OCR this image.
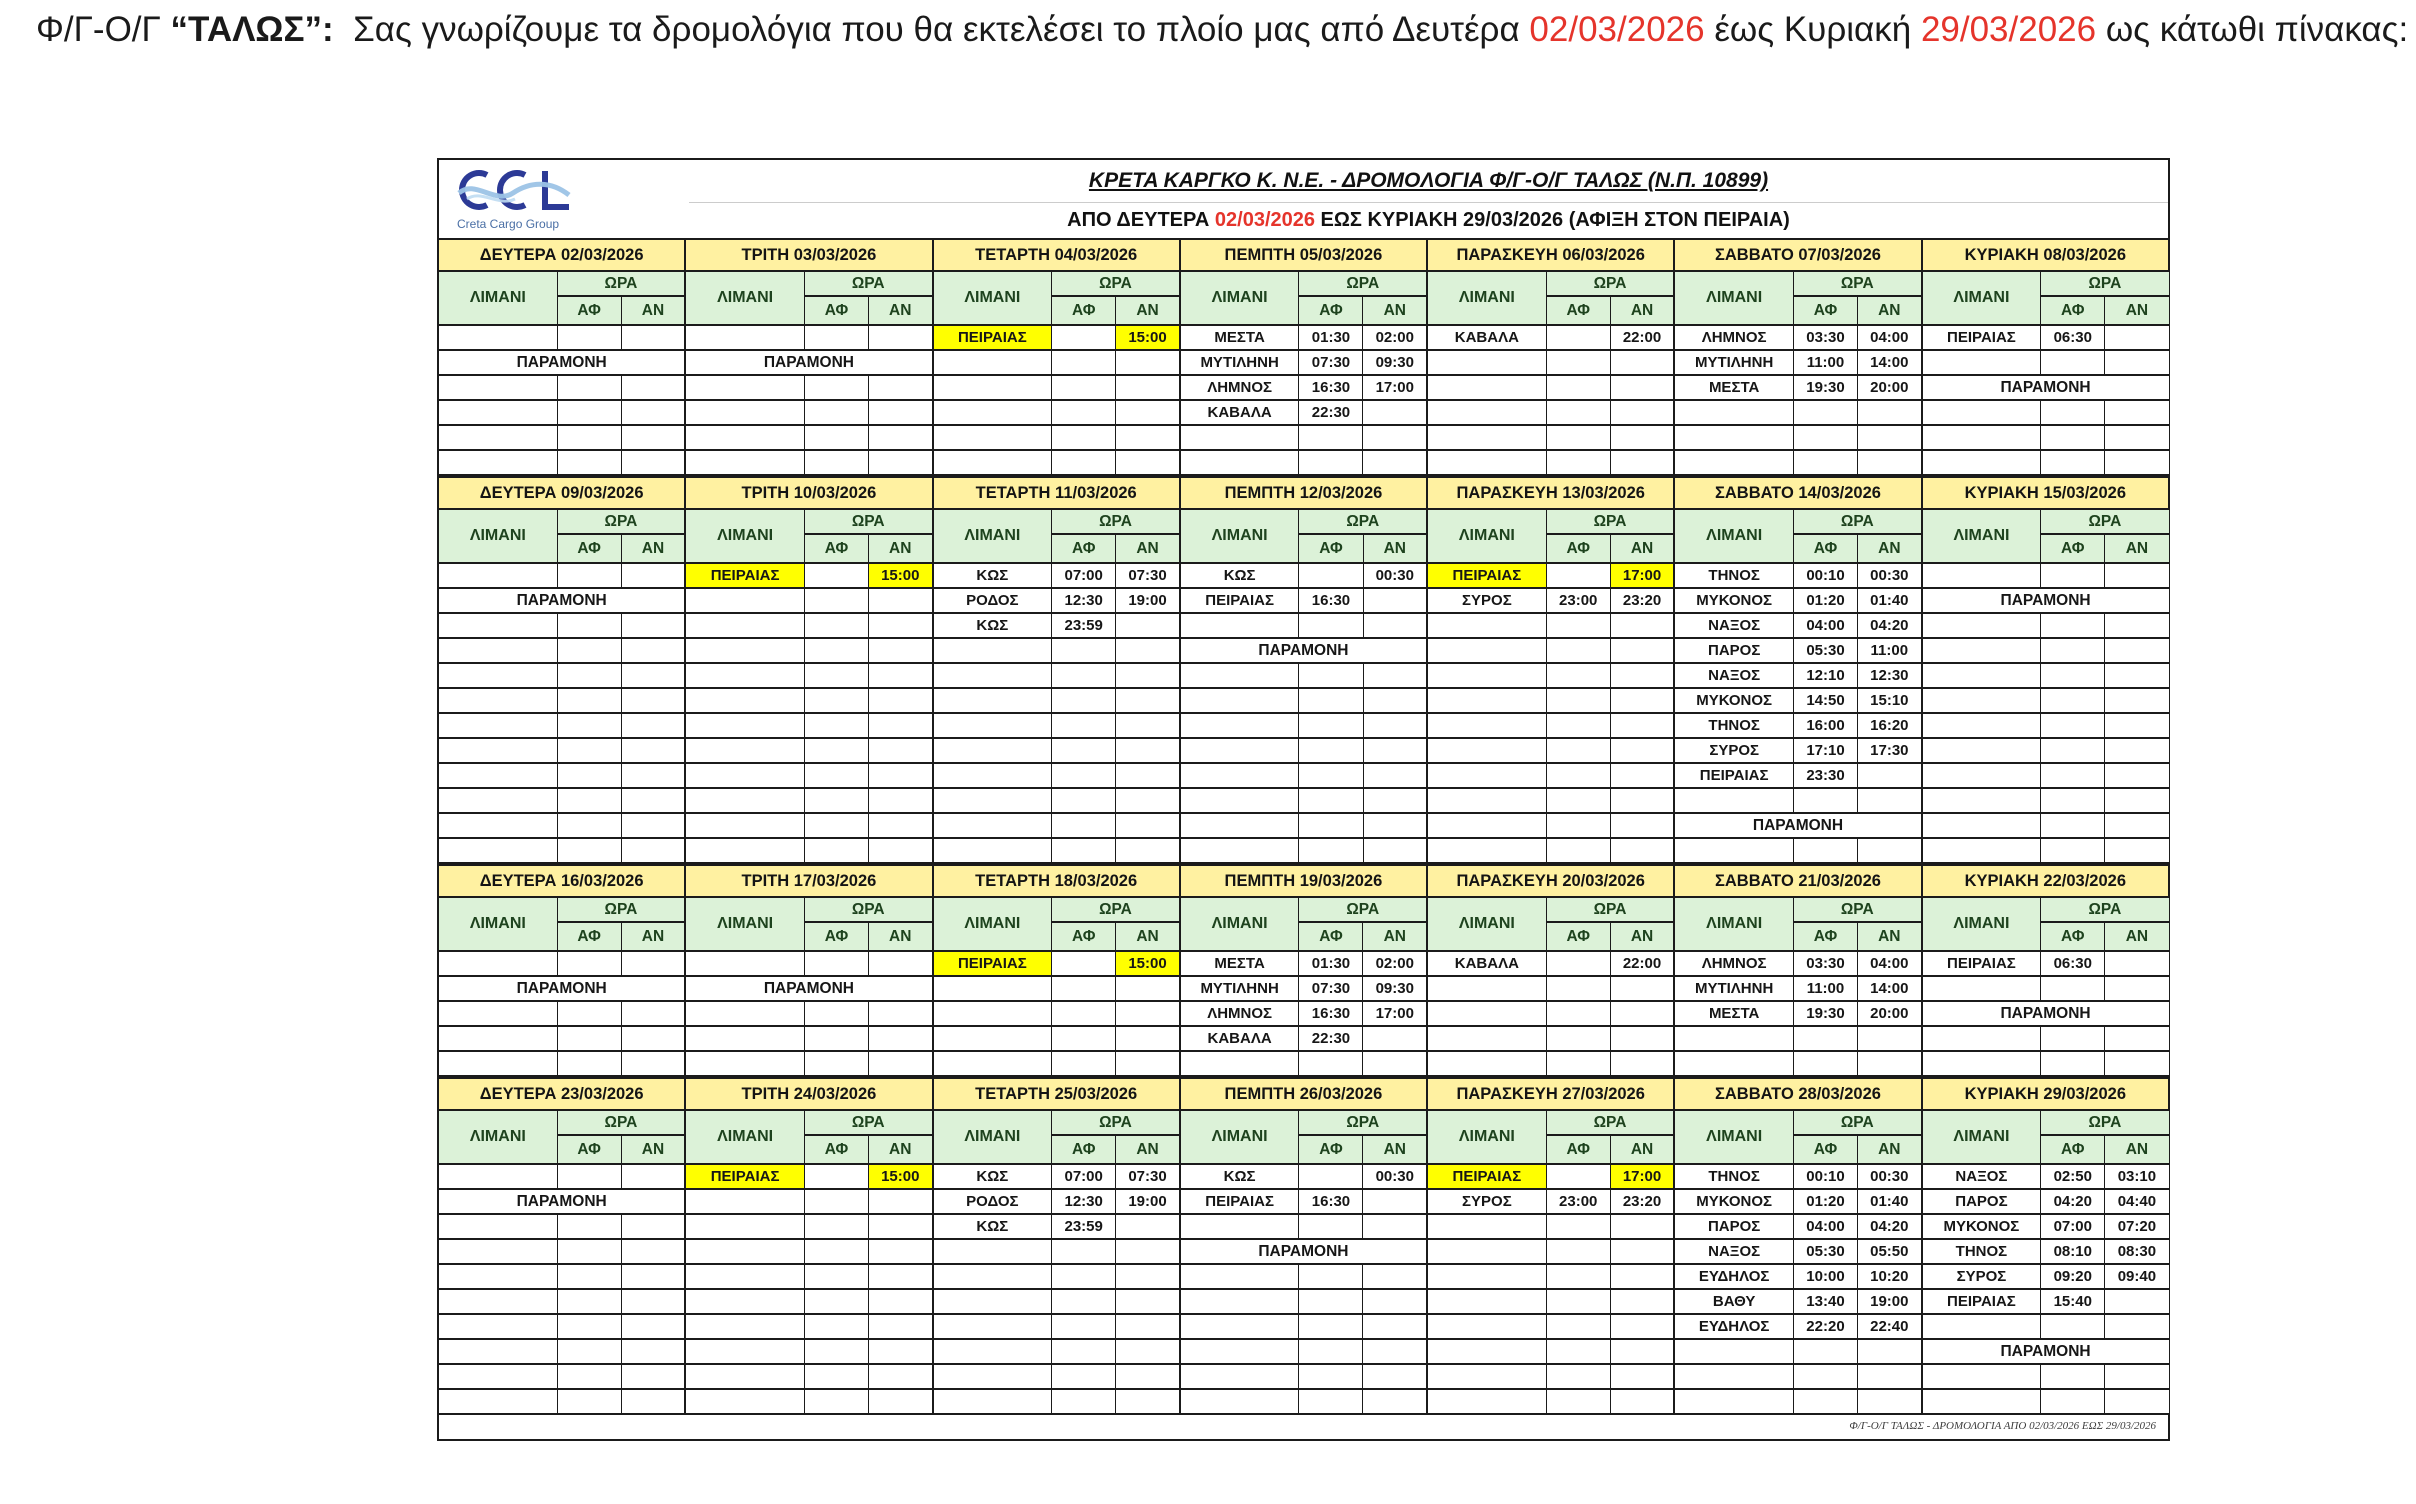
Φ/Γ-Ο/Γ “ΤΑΛΩΣ”:  Σας γνωρίζουμε τα δρομολόγια που θα εκτελέσει το πλοίο μας από Δευτέρα 02/03/2026 έως Κυριακή 29/03/2026 ως κάτωθι πίνακας:
Creta Cargo Group
ΚΡΕΤΑ ΚΑΡΓΚΟ Κ. Ν.Ε. - ΔΡΟΜΟΛΟΓΙΑ Φ/Γ-Ο/Γ ΤΑΛΩΣ (Ν.Π. 10899)
ΑΠΟ ΔΕΥΤΕΡΑ 02/03/2026 ΕΩΣ ΚΥΡΙΑΚΗ 29/03/2026 (ΑΦΙΞΗ ΣΤΟΝ ΠΕΙΡΑΙΑ)
ΔΕΥΤΕΡΑ 02/03/2026			ΤΡΙΤΗ 03/03/2026			ΤΕΤΑΡΤΗ 04/03/2026			ΠΕΜΠΤΗ 05/03/2026			ΠΑΡΑΣΚΕΥΗ 06/03/2026			ΣΑΒΒΑΤΟ 07/03/2026			ΚΥΡΙΑΚΗ 08/03/2026		
ΛΙΜΑΝΙ	ΩΡΑ		ΛΙΜΑΝΙ	ΩΡΑ		ΛΙΜΑΝΙ	ΩΡΑ		ΛΙΜΑΝΙ	ΩΡΑ		ΛΙΜΑΝΙ	ΩΡΑ		ΛΙΜΑΝΙ	ΩΡΑ		ΛΙΜΑΝΙ	ΩΡΑ	
	ΑΦ	ΑΝ		ΑΦ	ΑΝ		ΑΦ	ΑΝ		ΑΦ	ΑΝ		ΑΦ	ΑΝ		ΑΦ	ΑΝ		ΑΦ	ΑΝ
						ΠΕΙΡΑΙΑΣ		15:00	ΜΕΣΤΑ	01:30	02:00	ΚΑΒΑΛΑ		22:00	ΛΗΜΝΟΣ	03:30	04:00	ΠΕΙΡΑΙΑΣ	06:30	
ΠΑΡΑΜΟΝΗ			ΠΑΡΑΜΟΝΗ						ΜΥΤΙΛΗΝΗ	07:30	09:30				ΜΥΤΙΛΗΝΗ	11:00	14:00			
									ΛΗΜΝΟΣ	16:30	17:00				ΜΕΣΤΑ	19:30	20:00	ΠΑΡΑΜΟΝΗ		
									ΚΑΒΑΛΑ	22:30										

ΔΕΥΤΕΡΑ 09/03/2026			ΤΡΙΤΗ 10/03/2026			ΤΕΤΑΡΤΗ 11/03/2026			ΠΕΜΠΤΗ 12/03/2026			ΠΑΡΑΣΚΕΥΗ 13/03/2026			ΣΑΒΒΑΤΟ 14/03/2026			ΚΥΡΙΑΚΗ 15/03/2026		
ΛΙΜΑΝΙ	ΩΡΑ		ΛΙΜΑΝΙ	ΩΡΑ		ΛΙΜΑΝΙ	ΩΡΑ		ΛΙΜΑΝΙ	ΩΡΑ		ΛΙΜΑΝΙ	ΩΡΑ		ΛΙΜΑΝΙ	ΩΡΑ		ΛΙΜΑΝΙ	ΩΡΑ	
	ΑΦ	ΑΝ		ΑΦ	ΑΝ		ΑΦ	ΑΝ		ΑΦ	ΑΝ		ΑΦ	ΑΝ		ΑΦ	ΑΝ		ΑΦ	ΑΝ
			ΠΕΙΡΑΙΑΣ		15:00	ΚΩΣ	07:00	07:30	ΚΩΣ		00:30	ΠΕΙΡΑΙΑΣ		17:00	ΤΗΝΟΣ	00:10	00:30			
ΠΑΡΑΜΟΝΗ						ΡΟΔΟΣ	12:30	19:00	ΠΕΙΡΑΙΑΣ	16:30		ΣΥΡΟΣ	23:00	23:20	ΜΥΚΟΝΟΣ	01:20	01:40	ΠΑΡΑΜΟΝΗ		
						ΚΩΣ	23:59								ΝΑΞΟΣ	04:00	04:20			
									ΠΑΡΑΜΟΝΗ						ΠΑΡΟΣ	05:30	11:00			
															ΝΑΞΟΣ	12:10	12:30			
															ΜΥΚΟΝΟΣ	14:50	15:10			
															ΤΗΝΟΣ	16:00	16:20			
															ΣΥΡΟΣ	17:10	17:30			
															ΠΕΙΡΑΙΑΣ	23:30				

															ΠΑΡΑΜΟΝΗ					

ΔΕΥΤΕΡΑ 16/03/2026			ΤΡΙΤΗ 17/03/2026			ΤΕΤΑΡΤΗ 18/03/2026			ΠΕΜΠΤΗ 19/03/2026			ΠΑΡΑΣΚΕΥΗ 20/03/2026			ΣΑΒΒΑΤΟ 21/03/2026			ΚΥΡΙΑΚΗ 22/03/2026		
ΛΙΜΑΝΙ	ΩΡΑ		ΛΙΜΑΝΙ	ΩΡΑ		ΛΙΜΑΝΙ	ΩΡΑ		ΛΙΜΑΝΙ	ΩΡΑ		ΛΙΜΑΝΙ	ΩΡΑ		ΛΙΜΑΝΙ	ΩΡΑ		ΛΙΜΑΝΙ	ΩΡΑ	
	ΑΦ	ΑΝ		ΑΦ	ΑΝ		ΑΦ	ΑΝ		ΑΦ	ΑΝ		ΑΦ	ΑΝ		ΑΦ	ΑΝ		ΑΦ	ΑΝ
						ΠΕΙΡΑΙΑΣ		15:00	ΜΕΣΤΑ	01:30	02:00	ΚΑΒΑΛΑ		22:00	ΛΗΜΝΟΣ	03:30	04:00	ΠΕΙΡΑΙΑΣ	06:30	
ΠΑΡΑΜΟΝΗ			ΠΑΡΑΜΟΝΗ						ΜΥΤΙΛΗΝΗ	07:30	09:30				ΜΥΤΙΛΗΝΗ	11:00	14:00			
									ΛΗΜΝΟΣ	16:30	17:00				ΜΕΣΤΑ	19:30	20:00	ΠΑΡΑΜΟΝΗ		
									ΚΑΒΑΛΑ	22:30										

ΔΕΥΤΕΡΑ 23/03/2026			ΤΡΙΤΗ 24/03/2026			ΤΕΤΑΡΤΗ 25/03/2026			ΠΕΜΠΤΗ 26/03/2026			ΠΑΡΑΣΚΕΥΗ 27/03/2026			ΣΑΒΒΑΤΟ 28/03/2026			ΚΥΡΙΑΚΗ 29/03/2026		
ΛΙΜΑΝΙ	ΩΡΑ		ΛΙΜΑΝΙ	ΩΡΑ		ΛΙΜΑΝΙ	ΩΡΑ		ΛΙΜΑΝΙ	ΩΡΑ		ΛΙΜΑΝΙ	ΩΡΑ		ΛΙΜΑΝΙ	ΩΡΑ		ΛΙΜΑΝΙ	ΩΡΑ	
	ΑΦ	ΑΝ		ΑΦ	ΑΝ		ΑΦ	ΑΝ		ΑΦ	ΑΝ		ΑΦ	ΑΝ		ΑΦ	ΑΝ		ΑΦ	ΑΝ
			ΠΕΙΡΑΙΑΣ		15:00	ΚΩΣ	07:00	07:30	ΚΩΣ		00:30	ΠΕΙΡΑΙΑΣ		17:00	ΤΗΝΟΣ	00:10	00:30	ΝΑΞΟΣ	02:50	03:10
ΠΑΡΑΜΟΝΗ						ΡΟΔΟΣ	12:30	19:00	ΠΕΙΡΑΙΑΣ	16:30		ΣΥΡΟΣ	23:00	23:20	ΜΥΚΟΝΟΣ	01:20	01:40	ΠΑΡΟΣ	04:20	04:40
						ΚΩΣ	23:59								ΠΑΡΟΣ	04:00	04:20	ΜΥΚΟΝΟΣ	07:00	07:20
									ΠΑΡΑΜΟΝΗ						ΝΑΞΟΣ	05:30	05:50	ΤΗΝΟΣ	08:10	08:30
															ΕΥΔΗΛΟΣ	10:00	10:20	ΣΥΡΟΣ	09:20	09:40
															ΒΑΘΥ	13:40	19:00	ΠΕΙΡΑΙΑΣ	15:40	
															ΕΥΔΗΛΟΣ	22:20	22:40			
																		ΠΑΡΑΜΟΝΗ		

Φ/Γ-Ο/Γ ΤΑΛΩΣ - ΔΡΟΜΟΛΟΓΙΑ ΑΠΟ 02/03/2026 ΕΩΣ 29/03/2026
